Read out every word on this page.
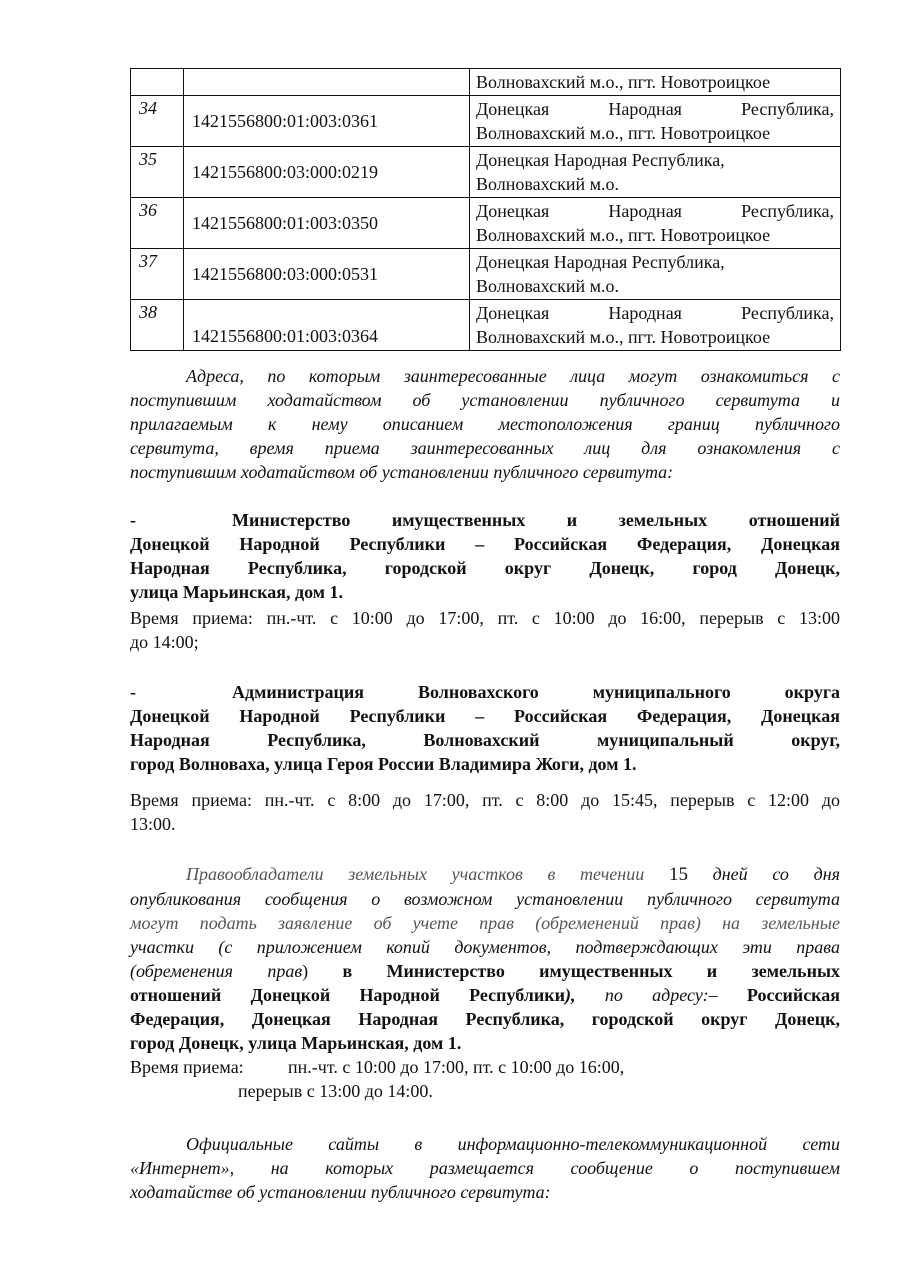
		Волновахский м.о., пгт. Новотроицкое

34	1421556800:01:003:0361	Донецкая Народная Республика,
Волновахский м.о., пгт. Новотроицкое

35	1421556800:03:000:0219	Донецкая Народная Республика,
Волновахский м.о.

36	1421556800:01:003:0350	Донецкая Народная Республика,
Волновахский м.о., пгт. Новотроицкое

37	1421556800:03:000:0531	Донецкая Народная Республика,
Волновахский м.о.

38	1421556800:01:003:0364	Донецкая Народная Республика,
Волновахский м.о., пгт. Новотроицкое
Адреса, по которым заинтересованные лица могут ознакомиться с
поступившим ходатайством об установлении публичного сервитута и
прилагаемым к нему описанием местоположения границ публичного
сервитута, время приема заинтересованных лиц для ознакомления с
поступившим ходатайством об установлении публичного сервитута:
-	Министерство имущественных и земельных отношений
Донецкой Народной Республики – Российская Федерация, Донецкая
Народная Республика, городской округ Донецк, город Донецк,
улица Марьинская, дом 1.
Время приема: пн.-чт. с 10:00 до 17:00, пт. с 10:00 до 16:00, перерыв с 13:00
до 14:00;
-	Администрация Волновахского муниципального округа
Донецкой Народной Республики – Российская Федерация, Донецкая
Народная Республика, Волновахский муниципальный округ,
город Волноваха, улица Героя России Владимира Жоги, дом 1.
Время приема: пн.-чт. с 8:00 до 17:00, пт. с 8:00 до 15:45, перерыв с 12:00 до
13:00.
Правообладатели земельных участков в течении 15 дней со дня
опубликования сообщения о возможном установлении публичного сервитута
могут подать заявление об учете прав (обременений прав) на земельные
участки (с приложением копий документов, подтверждающих эти права
(обременения прав) в Министерство имущественных и земельных
отношений Донецкой Народной Республики), по адресу:– Российская
Федерация, Донецкая Народная Республика, городской округ Донецк,
город Донецк, улица Марьинская, дом 1.
Время приема: пн.-чт. с 10:00 до 17:00, пт. с 10:00 до 16:00,
перерыв с 13:00 до 14:00.
Официальные сайты в информационно-телекоммуникационной сети
«Интернет», на которых размещается сообщение о поступившем
ходатайстве об установлении публичного сервитута:
